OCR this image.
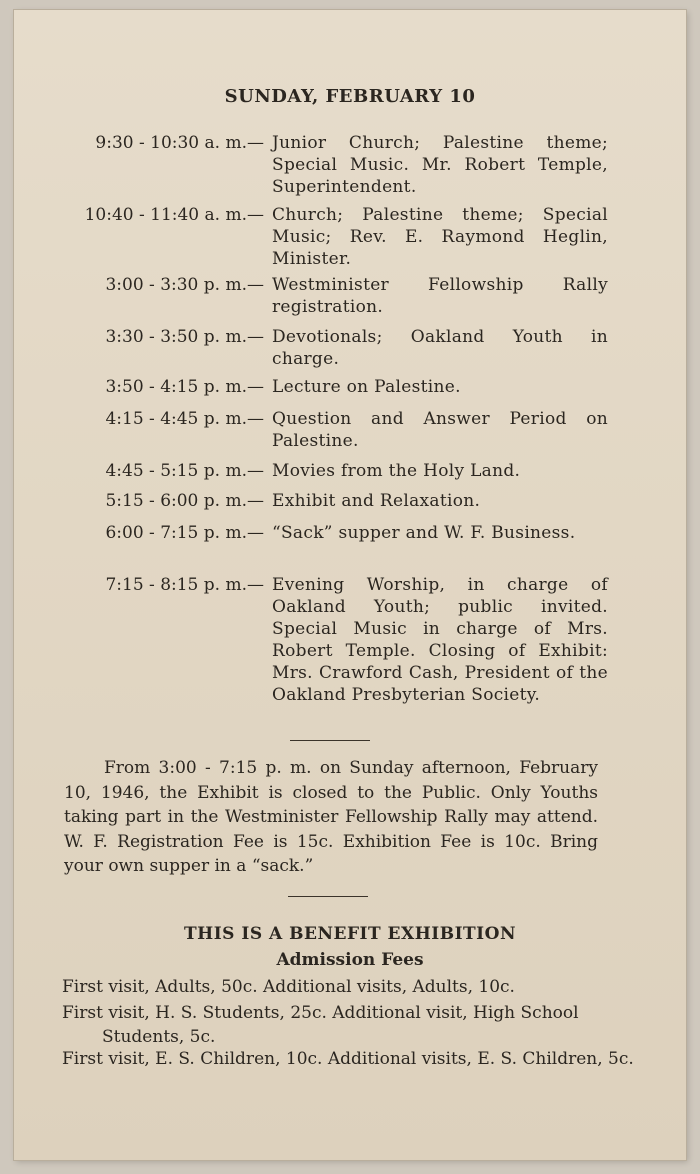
SUNDAY, FEBRUARY 10
9:30 - 10:30 a. m.— Junior Church; Palestine theme; Special Music. Mr. Robert Temple, Superintendent.
10:40 - 11:40 a. m.— Church; Palestine theme; Special Music; Rev. E. Raymond Heglin, Minister.
3:00 - 3:30 p. m.— Westminister Fellowship Rally registration.
3:30 - 3:50 p. m.— Devotionals; Oakland Youth in charge.
3:50 - 4:15 p. m.— Lecture on Palestine.
4:15 - 4:45 p. m.— Question and Answer Period on Palestine.
4:45 - 5:15 p. m.— Movies from the Holy Land.
5:15 - 6:00 p. m.— Exhibit and Relaxation.
6:00 - 7:15 p. m.— “Sack” supper and W. F. Business.
7:15 - 8:15 p. m.— Evening Worship, in charge of Oakland Youth; public invited. Special Music in charge of Mrs. Robert Temple. Closing of Exhibit: Mrs. Crawford Cash, President of the Oakland Presbyterian Society.
From 3:00 - 7:15 p. m. on Sunday afternoon, February 10, 1946, the Exhibit is closed to the Public. Only Youths taking part in the Westminister Fellowship Rally may attend. W. F. Registration Fee is 15c. Exhibition Fee is 10c. Bring your own supper in a “sack.”
THIS IS A BENEFIT EXHIBITION
Admission Fees
First visit, Adults, 50c. Additional visits, Adults, 10c.
First visit, H. S. Students, 25c. Additional visit, High School Students, 5c.
First visit, E. S. Children, 10c. Additional visits, E. S. Children, 5c.
